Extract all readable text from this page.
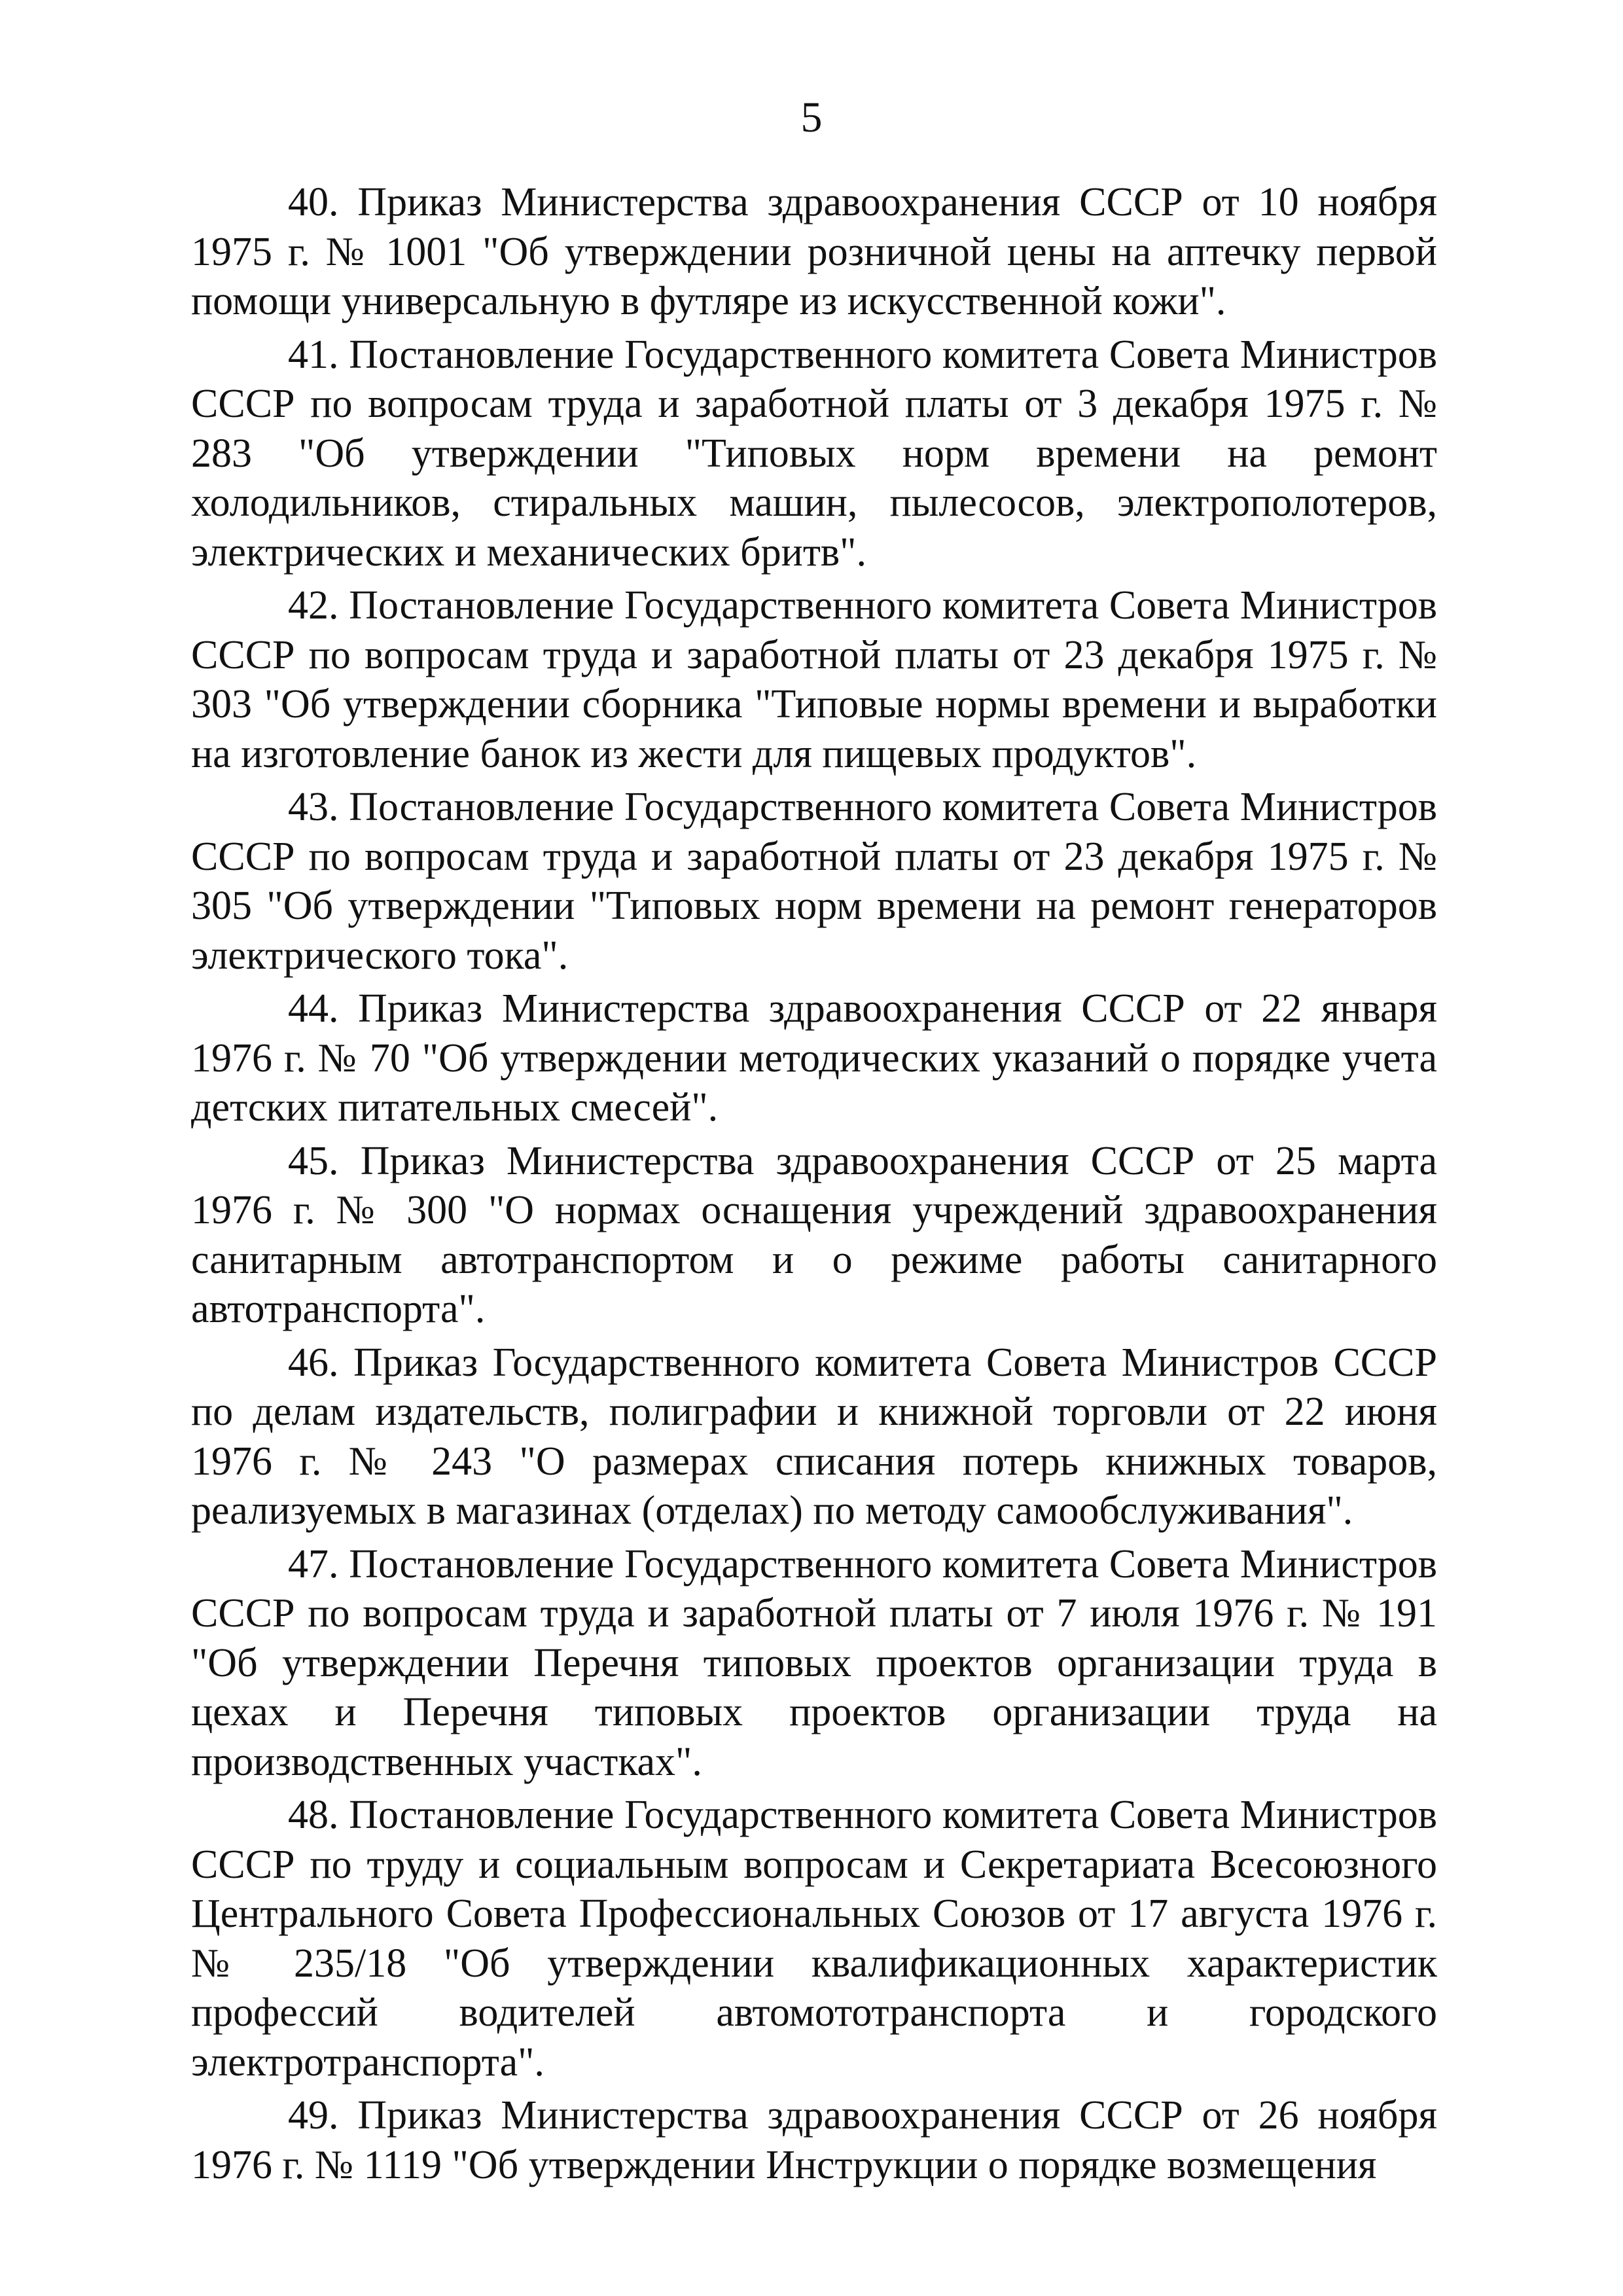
5

40. Приказ Министерства здравоохранения СССР от 10 ноября 1975 г. № 1001 "Об утверждении розничной цены на аптечку первой помощи универсальную в футляре из искусственной кожи".

41. Постановление Государственного комитета Совета Министров СССР по вопросам труда и заработной платы от 3 декабря 1975 г. № 283 "Об утверждении "Типовых норм времени на ремонт холодильников, стиральных машин, пылесосов, электрополотеров, электрических и механических бритв".

42. Постановление Государственного комитета Совета Министров СССР по вопросам труда и заработной платы от 23 декабря 1975 г. № 303 "Об утверждении сборника "Типовые нормы времени и выработки на изготовление банок из жести для пищевых продуктов".

43. Постановление Государственного комитета Совета Министров СССР по вопросам труда и заработной платы от 23 декабря 1975 г. № 305 "Об утверждении "Типовых норм времени на ремонт генераторов электрического тока".

44. Приказ Министерства здравоохранения СССР от 22 января 1976 г. № 70 "Об утверждении методических указаний о порядке учета детских питательных смесей".

45. Приказ Министерства здравоохранения СССР от 25 марта 1976 г. № 300 "О нормах оснащения учреждений здравоохранения санитарным автотранспортом и о режиме работы санитарного автотранспорта".

46. Приказ Государственного комитета Совета Министров СССР по делам издательств, полиграфии и книжной торговли от 22 июня 1976 г. № 243 "О размерах списания потерь книжных товаров, реализуемых в магазинах (отделах) по методу самообслуживания".

47. Постановление Государственного комитета Совета Министров СССР по вопросам труда и заработной платы от 7 июля 1976 г. № 191 "Об утверждении Перечня типовых проектов организации труда в цехах и Перечня типовых проектов организации труда на производственных участках".

48. Постановление Государственного комитета Совета Министров СССР по труду и социальным вопросам и Секретариата Всесоюзного Центрального Совета Профессиональных Союзов от 17 августа 1976 г. № 235/18 "Об утверждении квалификационных характеристик профессий водителей автомототранспорта и городского электротранспорта".

49. Приказ Министерства здравоохранения СССР от 26 ноября 1976 г. № 1119 "Об утверждении Инструкции о порядке возмещения
